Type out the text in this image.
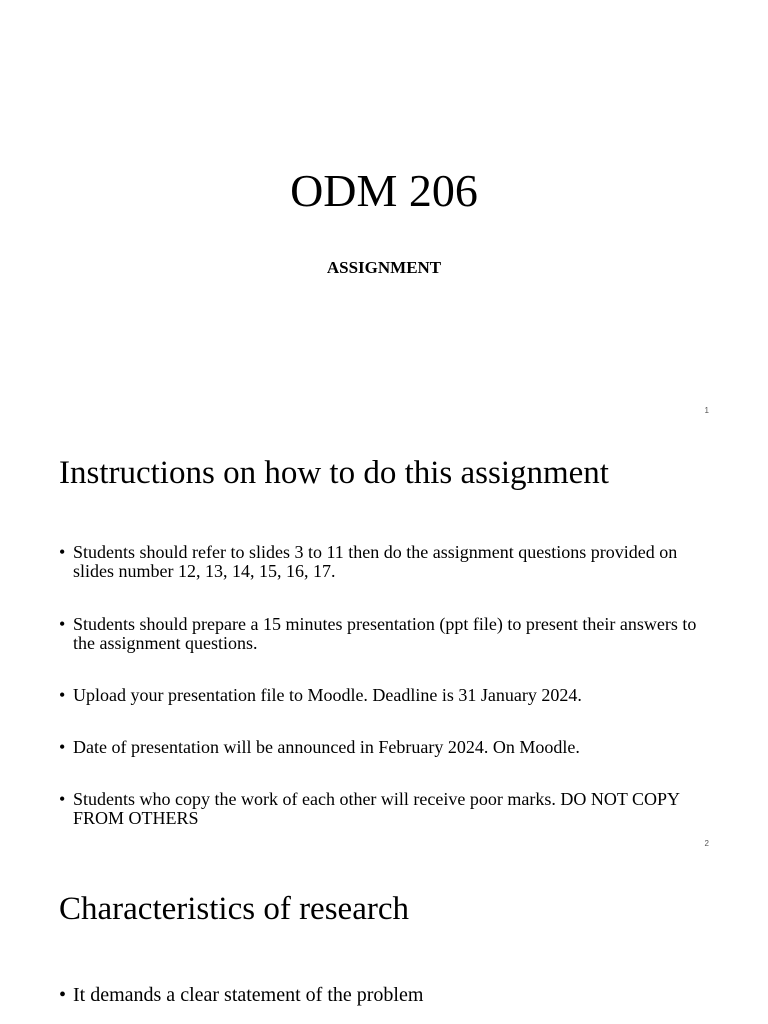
ODM 206
ASSIGNMENT
1
Instructions on how to do this assignment
• Students should refer to slides 3 to 11 then do the assignment questions provided on slides number 12, 13, 14, 15, 16, 17.
• Students should prepare a 15 minutes presentation (ppt file) to present their answers to the assignment questions.
• Upload your presentation file to Moodle. Deadline is 31 January 2024.
• Date of presentation will be announced in February 2024. On Moodle.
• Students who copy the work of each other will receive poor marks. DO NOT COPY FROM OTHERS
2
Characteristics of research
• It demands a clear statement of the problem
